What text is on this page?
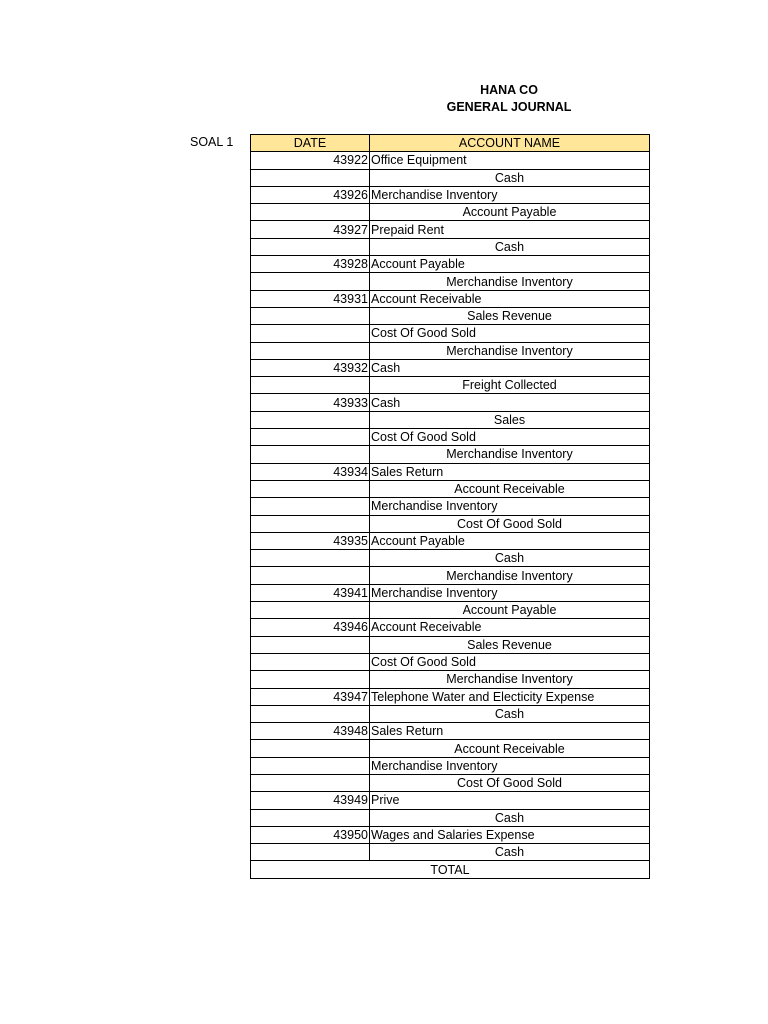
HANA CO
GENERAL JOURNAL
SOAL 1	DATE	ACCOUNT NAME
43922	Office Equipment
	Cash
43926	Merchandise Inventory
	Account Payable
43927	Prepaid Rent
	Cash
43928	Account Payable
	Merchandise Inventory
43931	Account Receivable
	Sales Revenue
	Cost Of Good Sold
	Merchandise Inventory
43932	Cash
	Freight Collected
43933	Cash
	Sales
	Cost Of Good Sold
	Merchandise Inventory
43934	Sales Return
	Account Receivable
	Merchandise Inventory
	Cost Of Good Sold
43935	Account Payable
	Cash
	Merchandise Inventory
43941	Merchandise Inventory
	Account Payable
43946	Account Receivable
	Sales Revenue
	Cost Of Good Sold
	Merchandise Inventory
43947	Telephone Water and Electicity Expense
	Cash
43948	Sales Return
	Account Receivable
	Merchandise Inventory
	Cost Of Good Sold
43949	Prive
	Cash
43950	Wages and Salaries Expense
	Cash
TOTAL	
